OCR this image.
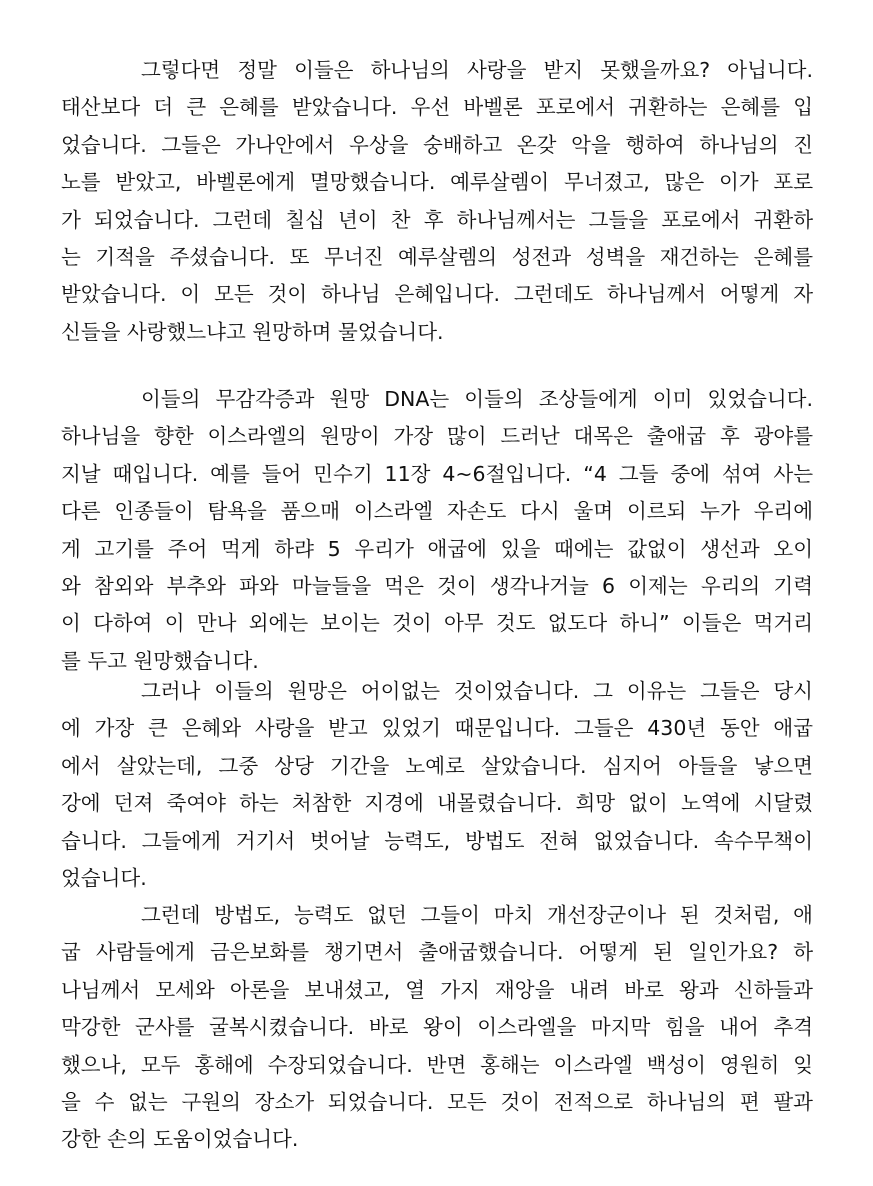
그렇다면 정말 이들은 하나님의 사랑을 받지 못했을까요? 아닙니다.
태산보다 더 큰 은혜를 받았습니다. 우선 바벨론 포로에서 귀환하는 은혜를 입
었습니다. 그들은 가나안에서 우상을 숭배하고 온갖 악을 행하여 하나님의 진
노를 받았고, 바벨론에게 멸망했습니다. 예루살렘이 무너졌고, 많은 이가 포로
가 되었습니다. 그런데 칠십 년이 찬 후 하나님께서는 그들을 포로에서 귀환하
는 기적을 주셨습니다. 또 무너진 예루살렘의 성전과 성벽을 재건하는 은혜를
받았습니다. 이 모든 것이 하나님 은혜입니다. 그런데도 하나님께서 어떻게 자
신들을 사랑했느냐고 원망하며 물었습니다.
이들의 무감각증과 원망 DNA는 이들의 조상들에게 이미 있었습니다.
하나님을 향한 이스라엘의 원망이 가장 많이 드러난 대목은 출애굽 후 광야를
지날 때입니다. 예를 들어 민수기 11장 4~6절입니다. “4 그들 중에 섞여 사는
다른 인종들이 탐욕을 품으매 이스라엘 자손도 다시 울며 이르되 누가 우리에
게 고기를 주어 먹게 하랴 5 우리가 애굽에 있을 때에는 값없이 생선과 오이
와 참외와 부추와 파와 마늘들을 먹은 것이 생각나거늘 6 이제는 우리의 기력
이 다하여 이 만나 외에는 보이는 것이 아무 것도 없도다 하니” 이들은 먹거리
를 두고 원망했습니다.
그러나 이들의 원망은 어이없는 것이었습니다. 그 이유는 그들은 당시
에 가장 큰 은혜와 사랑을 받고 있었기 때문입니다. 그들은 430년 동안 애굽
에서 살았는데, 그중 상당 기간을 노예로 살았습니다. 심지어 아들을 낳으면
강에 던져 죽여야 하는 처참한 지경에 내몰렸습니다. 희망 없이 노역에 시달렸
습니다. 그들에게 거기서 벗어날 능력도, 방법도 전혀 없었습니다. 속수무책이
었습니다.
그런데 방법도, 능력도 없던 그들이 마치 개선장군이나 된 것처럼, 애
굽 사람들에게 금은보화를 챙기면서 출애굽했습니다. 어떻게 된 일인가요? 하
나님께서 모세와 아론을 보내셨고, 열 가지 재앙을 내려 바로 왕과 신하들과
막강한 군사를 굴복시켰습니다. 바로 왕이 이스라엘을 마지막 힘을 내어 추격
했으나, 모두 홍해에 수장되었습니다. 반면 홍해는 이스라엘 백성이 영원히 잊
을 수 없는 구원의 장소가 되었습니다. 모든 것이 전적으로 하나님의 편 팔과
강한 손의 도움이었습니다.
